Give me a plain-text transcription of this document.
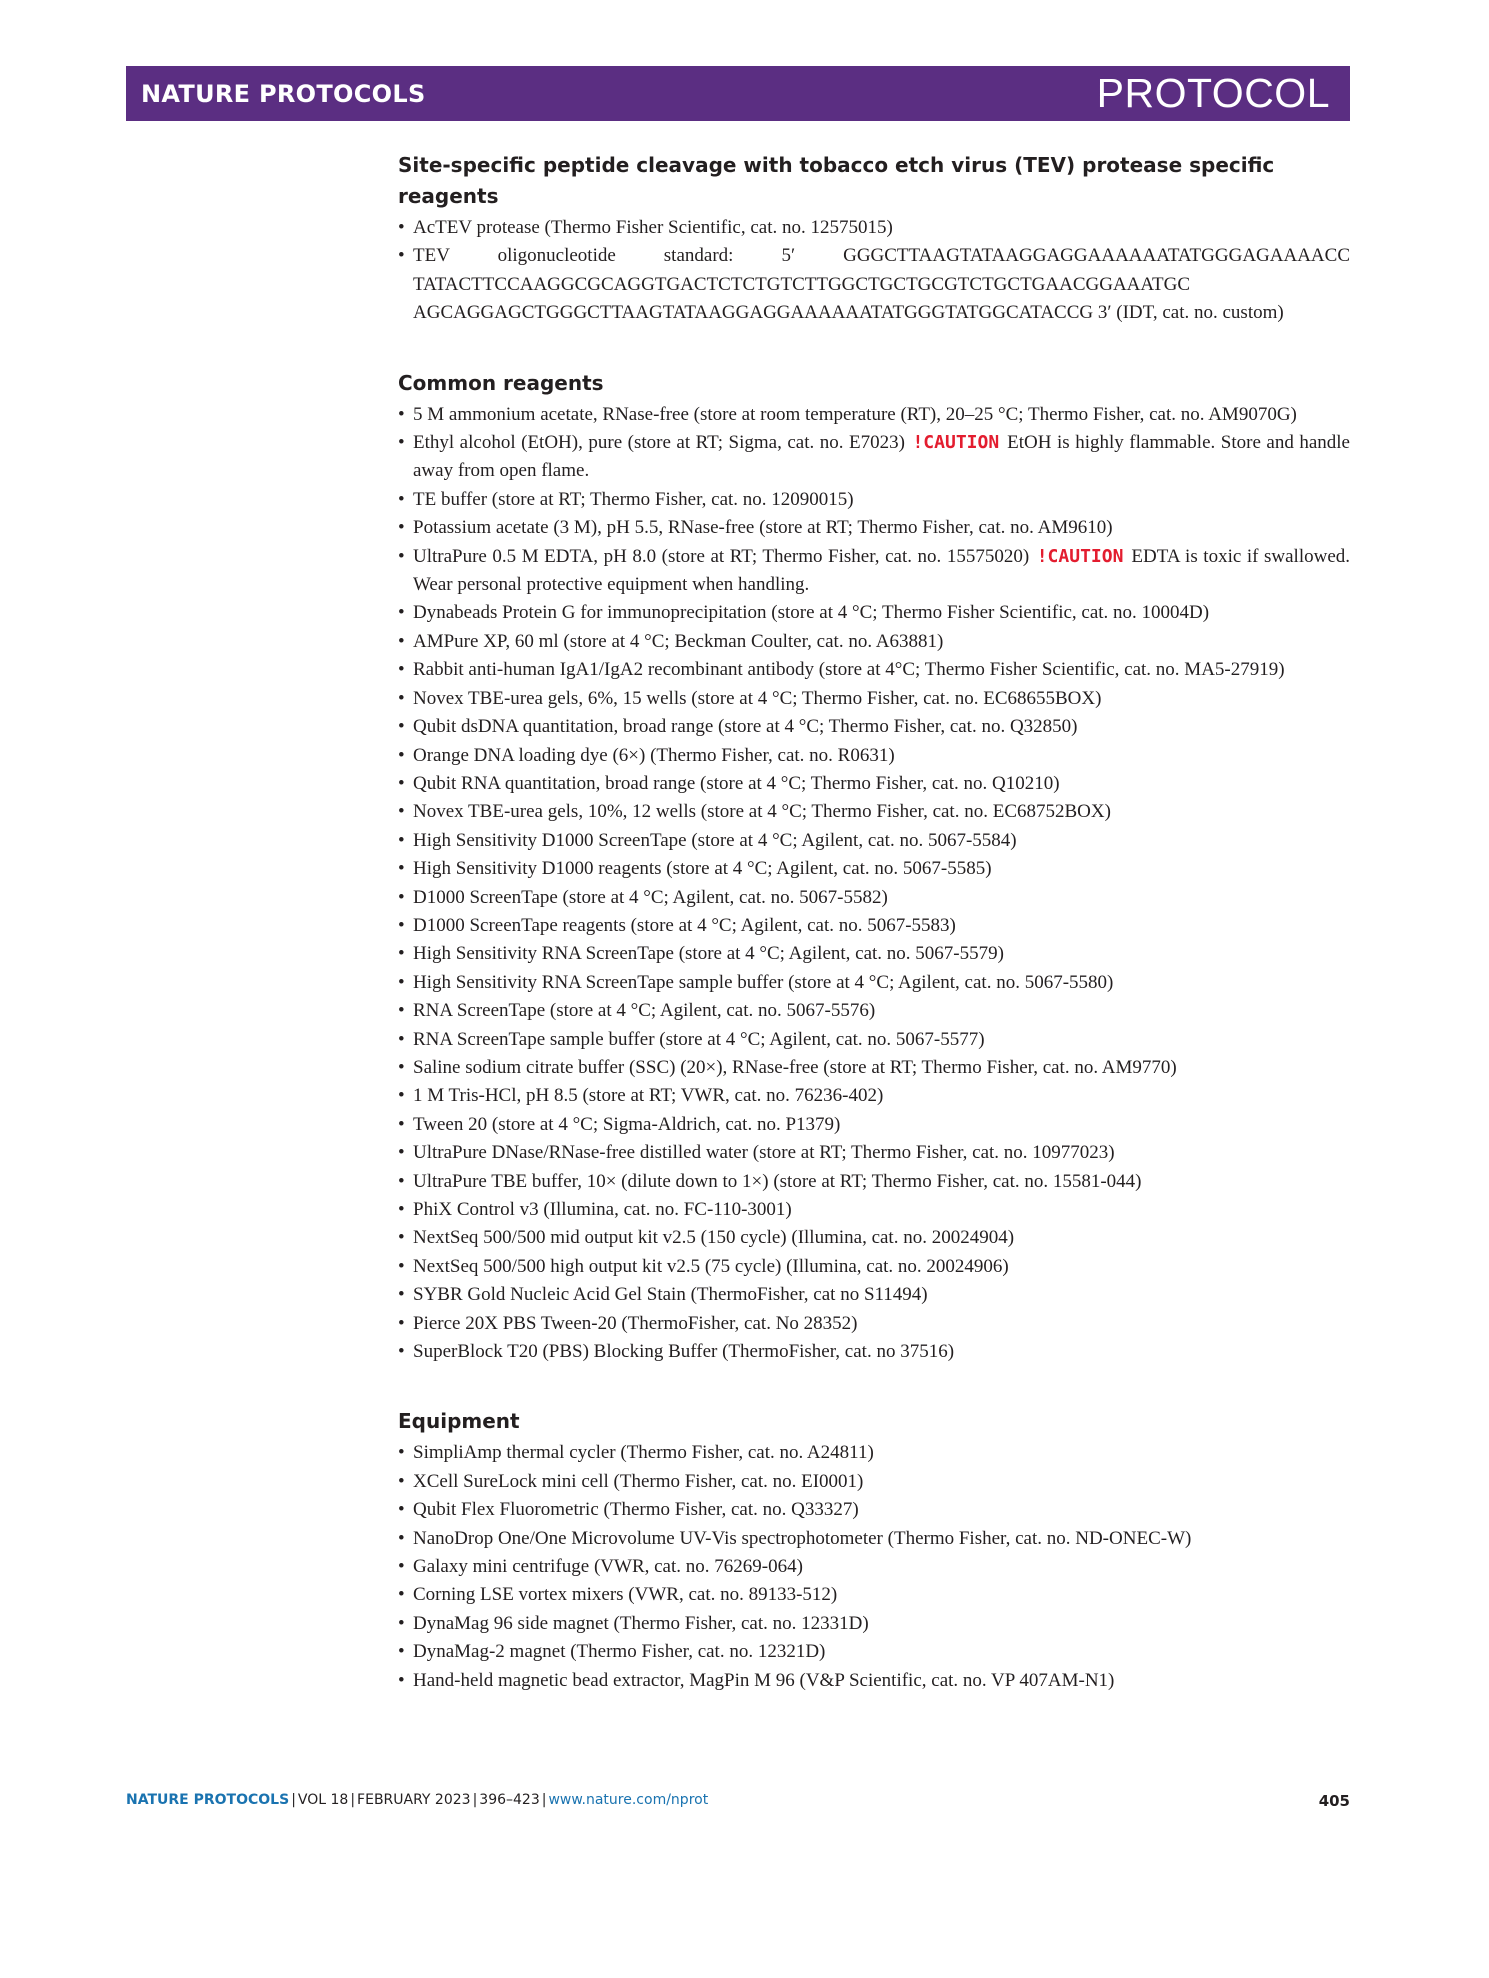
NATURE PROTOCOLS	PROTOCOL
Site-specific peptide cleavage with tobacco etch virus (TEV) protease specific reagents
• AcTEV protease (Thermo Fisher Scientific, cat. no. 12575015)
• TEV oligonucleotide standard: 5′ GGGCTTAAGTATAAGGAGGAAAAAATATGGGAGAAAACC TATACTTCCAAGGCGCAGGTGACTCTCTGTCTTGGCTGCTGCGTCTGCTGAACGGAAATGC AGCAGGAGCTGGGCTTAAGTATAAGGAGGAAAAAATATGGGTATGGCATACCG 3′ (IDT, cat. no. custom)
Common reagents
• 5 M ammonium acetate, RNase-free (store at room temperature (RT), 20–25 °C; Thermo Fisher, cat. no. AM9070G)
• Ethyl alcohol (EtOH), pure (store at RT; Sigma, cat. no. E7023) !CAUTION EtOH is highly flammable. Store and handle away from open flame.
• TE buffer (store at RT; Thermo Fisher, cat. no. 12090015)
• Potassium acetate (3 M), pH 5.5, RNase-free (store at RT; Thermo Fisher, cat. no. AM9610)
• UltraPure 0.5 M EDTA, pH 8.0 (store at RT; Thermo Fisher, cat. no. 15575020) !CAUTION EDTA is toxic if swallowed. Wear personal protective equipment when handling.
• Dynabeads Protein G for immunoprecipitation (store at 4 °C; Thermo Fisher Scientific, cat. no. 10004D)
• AMPure XP, 60 ml (store at 4 °C; Beckman Coulter, cat. no. A63881)
• Rabbit anti-human IgA1/IgA2 recombinant antibody (store at 4°C; Thermo Fisher Scientific, cat. no. MA5-27919)
• Novex TBE-urea gels, 6%, 15 wells (store at 4 °C; Thermo Fisher, cat. no. EC68655BOX)
• Qubit dsDNA quantitation, broad range (store at 4 °C; Thermo Fisher, cat. no. Q32850)
• Orange DNA loading dye (6×) (Thermo Fisher, cat. no. R0631)
• Qubit RNA quantitation, broad range (store at 4 °C; Thermo Fisher, cat. no. Q10210)
• Novex TBE-urea gels, 10%, 12 wells (store at 4 °C; Thermo Fisher, cat. no. EC68752BOX)
• High Sensitivity D1000 ScreenTape (store at 4 °C; Agilent, cat. no. 5067-5584)
• High Sensitivity D1000 reagents (store at 4 °C; Agilent, cat. no. 5067-5585)
• D1000 ScreenTape (store at 4 °C; Agilent, cat. no. 5067-5582)
• D1000 ScreenTape reagents (store at 4 °C; Agilent, cat. no. 5067-5583)
• High Sensitivity RNA ScreenTape (store at 4 °C; Agilent, cat. no. 5067-5579)
• High Sensitivity RNA ScreenTape sample buffer (store at 4 °C; Agilent, cat. no. 5067-5580)
• RNA ScreenTape (store at 4 °C; Agilent, cat. no. 5067-5576)
• RNA ScreenTape sample buffer (store at 4 °C; Agilent, cat. no. 5067-5577)
• Saline sodium citrate buffer (SSC) (20×), RNase-free (store at RT; Thermo Fisher, cat. no. AM9770)
• 1 M Tris-HCl, pH 8.5 (store at RT; VWR, cat. no. 76236-402)
• Tween 20 (store at 4 °C; Sigma-Aldrich, cat. no. P1379)
• UltraPure DNase/RNase-free distilled water (store at RT; Thermo Fisher, cat. no. 10977023)
• UltraPure TBE buffer, 10× (dilute down to 1×) (store at RT; Thermo Fisher, cat. no. 15581-044)
• PhiX Control v3 (Illumina, cat. no. FC-110-3001)
• NextSeq 500/500 mid output kit v2.5 (150 cycle) (Illumina, cat. no. 20024904)
• NextSeq 500/500 high output kit v2.5 (75 cycle) (Illumina, cat. no. 20024906)
• SYBR Gold Nucleic Acid Gel Stain (ThermoFisher, cat no S11494)
• Pierce 20X PBS Tween-20 (ThermoFisher, cat. No 28352)
• SuperBlock T20 (PBS) Blocking Buffer (ThermoFisher, cat. no 37516)
Equipment
• SimpliAmp thermal cycler (Thermo Fisher, cat. no. A24811)
• XCell SureLock mini cell (Thermo Fisher, cat. no. EI0001)
• Qubit Flex Fluorometric (Thermo Fisher, cat. no. Q33327)
• NanoDrop One/One Microvolume UV-Vis spectrophotometer (Thermo Fisher, cat. no. ND-ONEC-W)
• Galaxy mini centrifuge (VWR, cat. no. 76269-064)
• Corning LSE vortex mixers (VWR, cat. no. 89133-512)
• DynaMag 96 side magnet (Thermo Fisher, cat. no. 12331D)
• DynaMag-2 magnet (Thermo Fisher, cat. no. 12321D)
• Hand-held magnetic bead extractor, MagPin M 96 (V&P Scientific, cat. no. VP 407AM-N1)
NATURE PROTOCOLS | VOL 18 | FEBRUARY 2023 | 396–423 | www.nature.com/nprot	405
